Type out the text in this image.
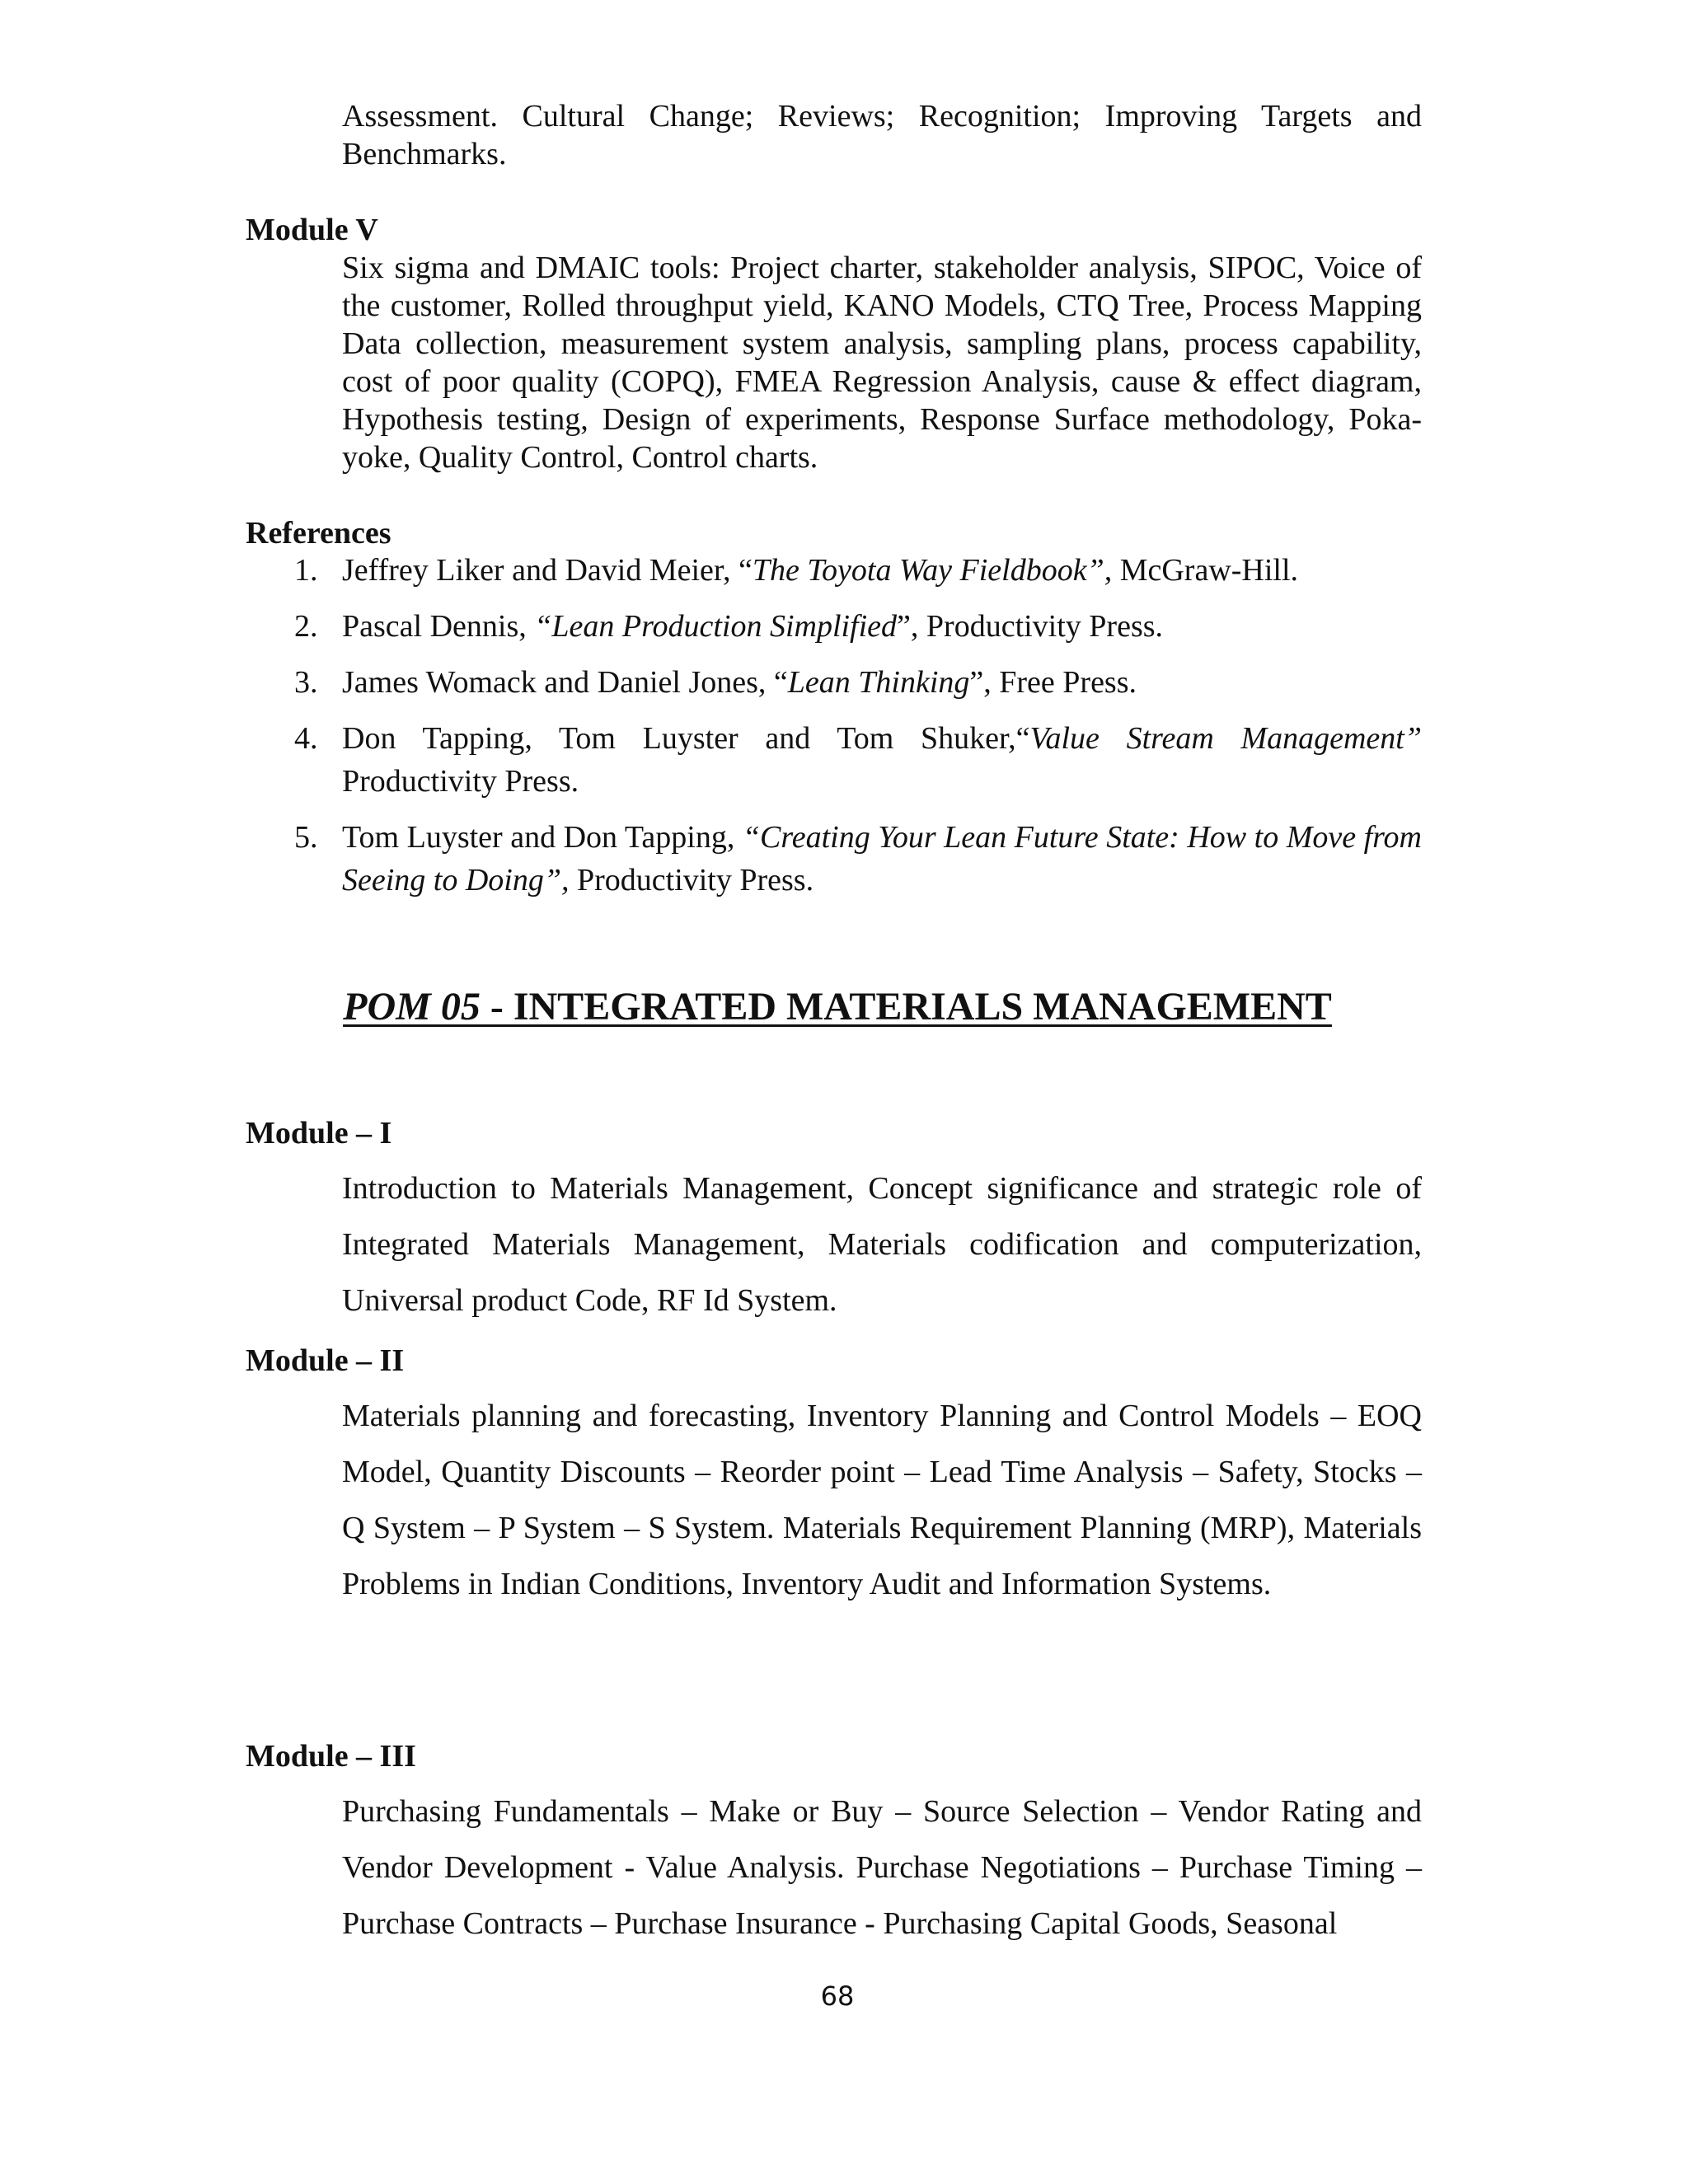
Assessment. Cultural Change; Reviews; Recognition; Improving Targets and Benchmarks.
Module V
Six sigma and DMAIC tools: Project charter, stakeholder analysis, SIPOC, Voice of the customer, Rolled throughput yield, KANO Models, CTQ Tree, Process Mapping Data collection, measurement system analysis, sampling plans, process capability, cost of poor quality (COPQ), FMEA Regression Analysis, cause & effect diagram, Hypothesis testing, Design of experiments, Response Surface methodology, Poka-yoke, Quality Control, Control charts.
References
1. Jeffrey Liker and David Meier, “The Toyota Way Fieldbook”, McGraw-Hill.
2. Pascal Dennis, “Lean Production Simplified”, Productivity Press.
3. James Womack and Daniel Jones, “Lean Thinking”, Free Press.
4. Don Tapping, Tom Luyster and Tom Shuker,“Value Stream Management” Productivity Press.
5. Tom Luyster and Don Tapping, “Creating Your Lean Future State: How to Move from Seeing to Doing”, Productivity Press.
POM 05 - INTEGRATED MATERIALS MANAGEMENT
Module – I
Introduction to Materials Management, Concept significance and strategic role of Integrated Materials Management, Materials codification and computerization, Universal product Code, RF Id System.
Module – II
Materials planning and forecasting, Inventory Planning and Control Models – EOQ Model, Quantity Discounts – Reorder point – Lead Time Analysis – Safety, Stocks – Q System – P System – S System. Materials Requirement Planning (MRP), Materials Problems in Indian Conditions, Inventory Audit and Information Systems.
Module – III
Purchasing Fundamentals – Make or Buy – Source Selection – Vendor Rating and Vendor Development - Value Analysis. Purchase Negotiations – Purchase Timing – Purchase Contracts – Purchase Insurance - Purchasing Capital Goods, Seasonal
68
